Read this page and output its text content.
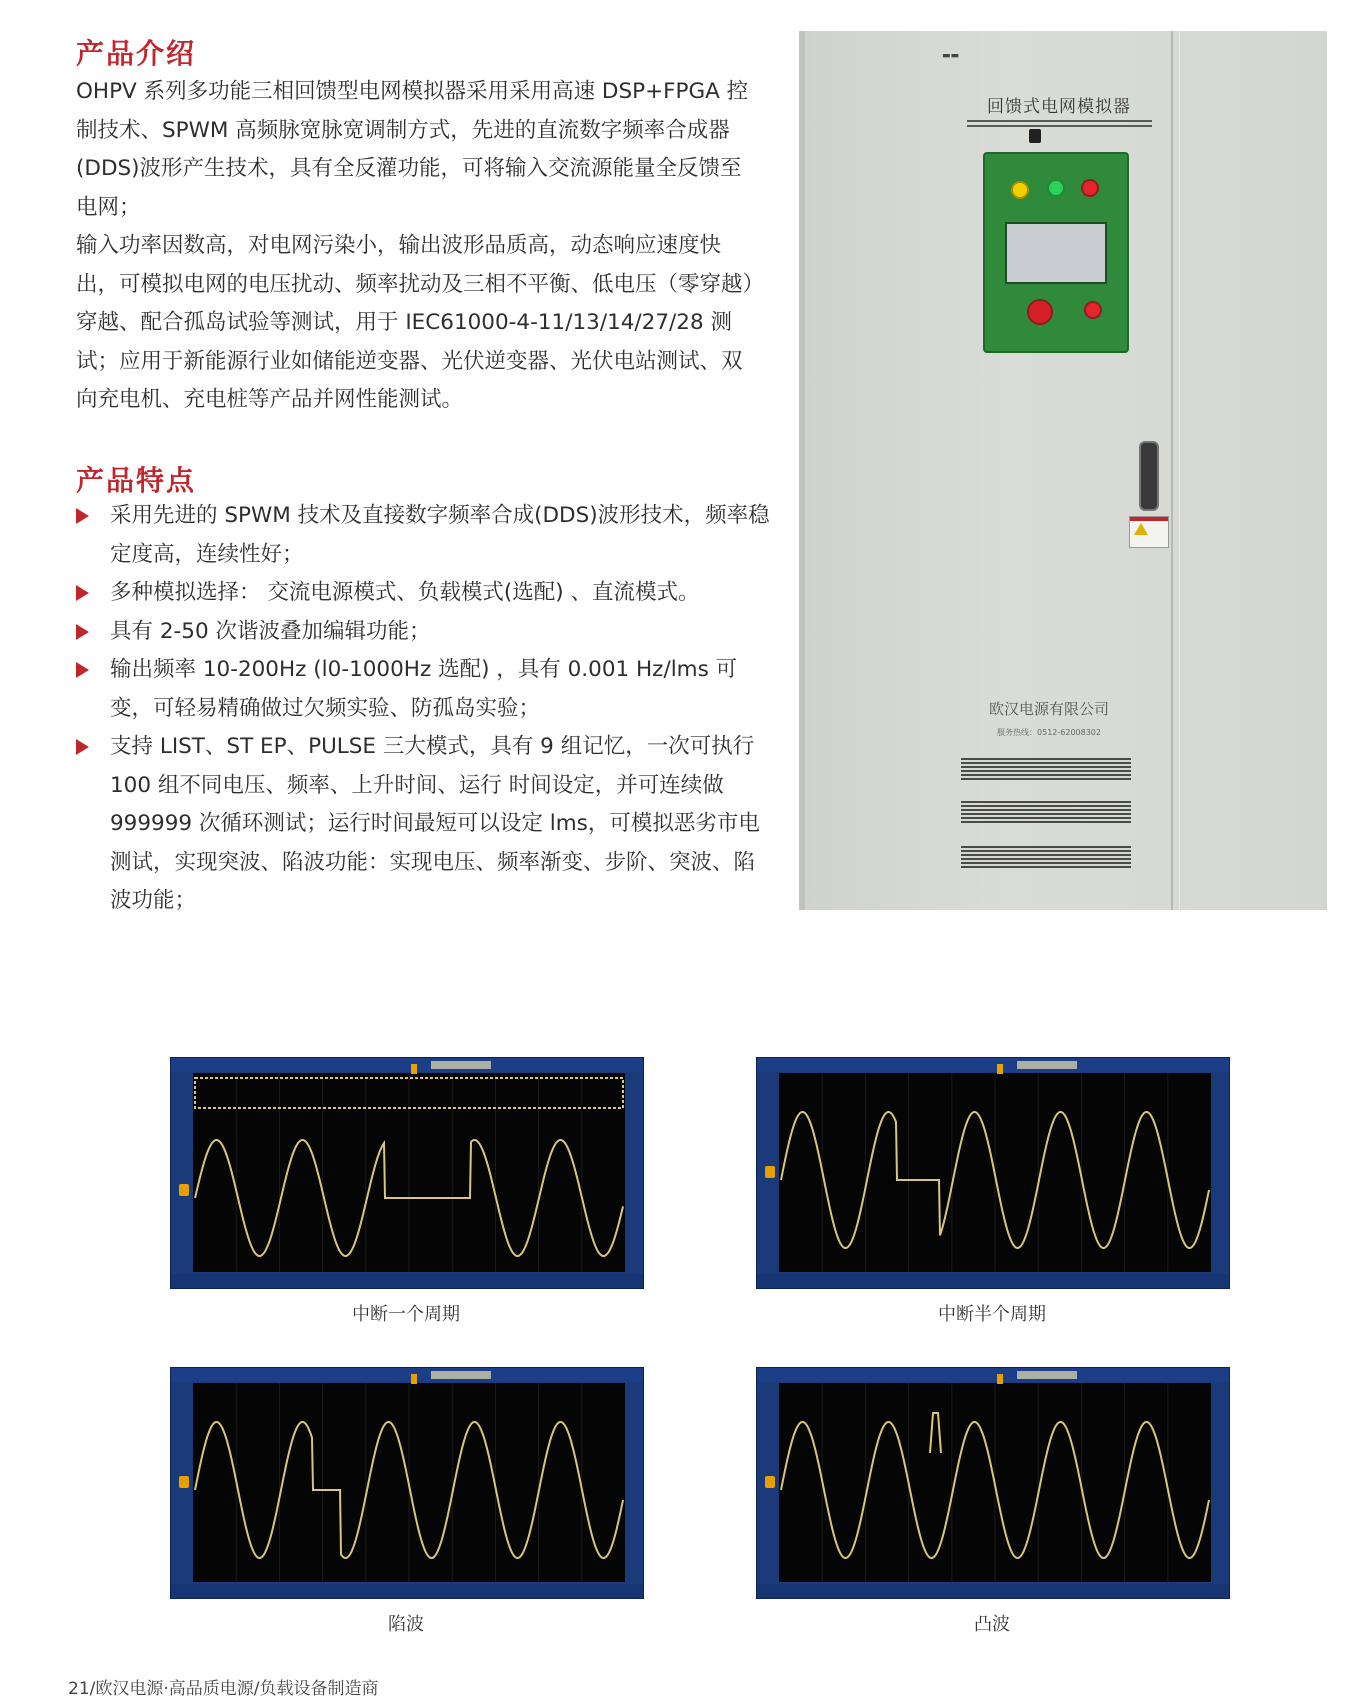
产品介绍

OHPV 系列多功能三相回馈型电网模拟器采用采用高速 DSP+FPGA 控制技术、SPWM 高频脉宽脉宽调制方式，先进的直流数字频率合成器(DDS)波形产生技术，具有全反灌功能，可将输入交流源能量全反馈至电网；

输入功率因数高，对电网污染小，输出波形品质高，动态响应速度快出，可模拟电网的电压扰动、频率扰动及三相不平衡、低电压（零穿越）穿越、配合孤岛试验等测试，用于 IEC61000-4-11/13/14/27/28 测试；应用于新能源行业如储能逆变器、光伏逆变器、光伏电站测试、双向充电机、充电桩等产品并网性能测试。

产品特点
采用先进的 SPWM 技术及直接数字频率合成(DDS)波形技术，频率稳定度高，连续性好；
多种模拟选择： 交流电源模式、负载模式(选配) 、直流模式。
具有 2-50 次谐波叠加编辑功能；
输出频率 10-200Hz (l0-1000Hz 选配) ，具有 0.001 Hz/lms 可变，可轻易精确做过欠频实验、防孤岛实验；
支持 LIST、ST EP、PULSE 三大模式，具有 9 组记忆，一次可执行 100 组不同电压、频率、上升时间、运行 时间设定，并可连续做 999999 次循环测试；运行时间最短可以设定 lms，可模拟恶劣市电测试，实现突波、陷波功能：实现电压、频率渐变、步阶、突波、陷波功能；
▬▬
回馈式电网模拟器
欧汉电源有限公司
服务热线：0512-62008302
中断一个周期	中断半个周期
陷波	凸波
21/欧汉电源·高品质电源/负载设备制造商
